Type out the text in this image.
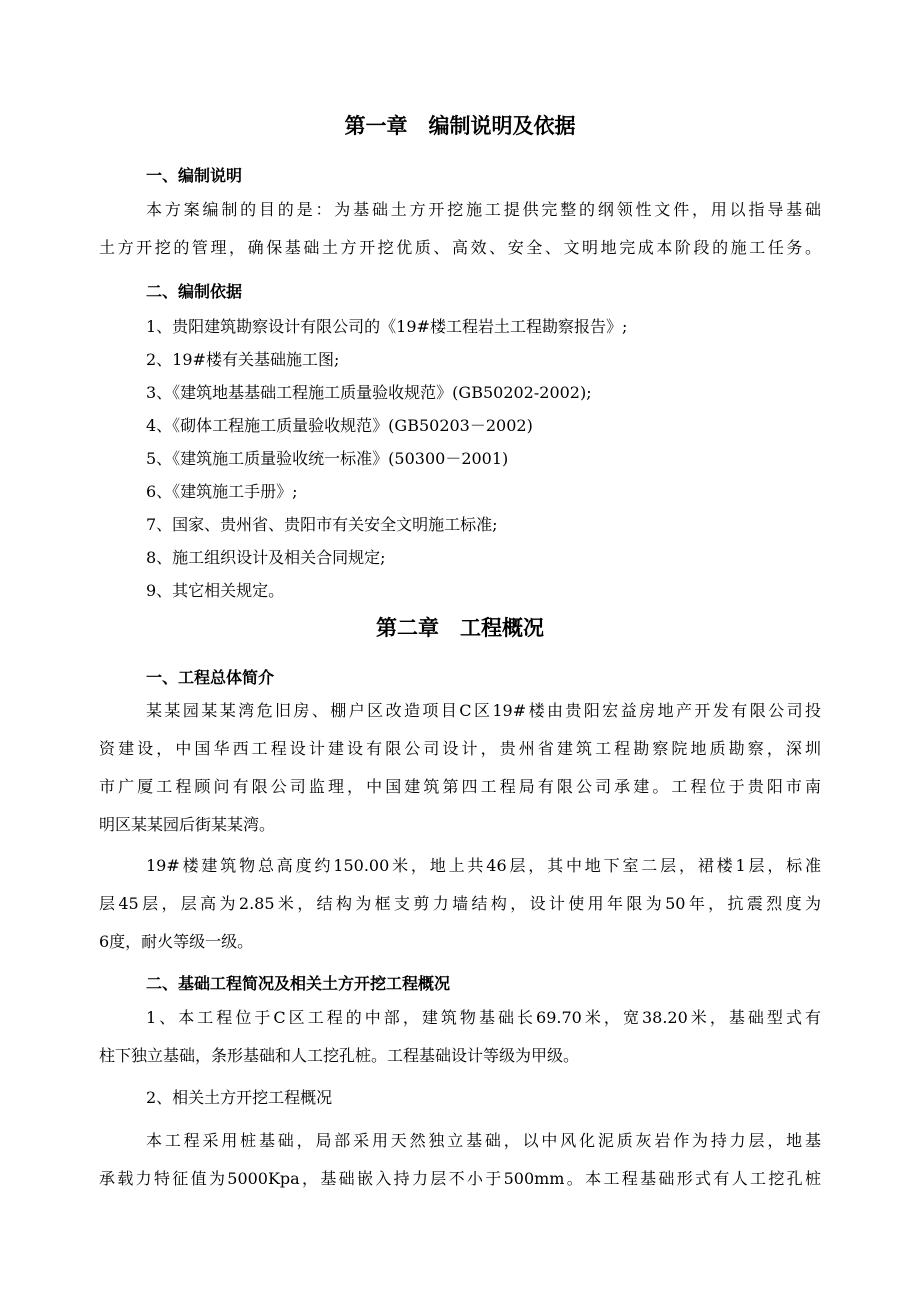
第一章　编制说明及依据
一、编制说明
本方案编制的目的是：为基础土方开挖施工提供完整的纲领性文件，用以指导基础
土方开挖的管理，确保基础土方开挖优质、高效、安全、文明地完成本阶段的施工任务。
二、编制依据
1、贵阳建筑勘察设计有限公司的《19#楼工程岩土工程勘察报告》;
2、19#楼有关基础施工图;
3、《建筑地基基础工程施工质量验收规范》(GB50202-2002);
4、《砌体工程施工质量验收规范》(GB50203－2002)
5、《建筑施工质量验收统一标准》(50300－2001)
6、《建筑施工手册》;
7、国家、贵州省、贵阳市有关安全文明施工标准;
8、施工组织设计及相关合同规定;
9、其它相关规定。
第二章　工程概况
一、工程总体简介
某某园某某湾危旧房、棚户区改造项目C区19#楼由贵阳宏益房地产开发有限公司投
资建设，中国华西工程设计建设有限公司设计，贵州省建筑工程勘察院地质勘察，深圳
市广厦工程顾问有限公司监理，中国建筑第四工程局有限公司承建。工程位于贵阳市南
明区某某园后街某某湾。
19#楼建筑物总高度约150.00米，地上共46层，其中地下室二层，裙楼1层，标准
层45层，层高为2.85米，结构为框支剪力墙结构，设计使用年限为50年，抗震烈度为
6度，耐火等级一级。
二、基础工程简况及相关土方开挖工程概况
1、本工程位于C区工程的中部，建筑物基础长69.70米，宽38.20米，基础型式有
柱下独立基础，条形基础和人工挖孔桩。工程基础设计等级为甲级。
2、相关土方开挖工程概况
本工程采用桩基础，局部采用天然独立基础，以中风化泥质灰岩作为持力层，地基
承载力特征值为5000Kpa，基础嵌入持力层不小于500mm。本工程基础形式有人工挖孔桩
